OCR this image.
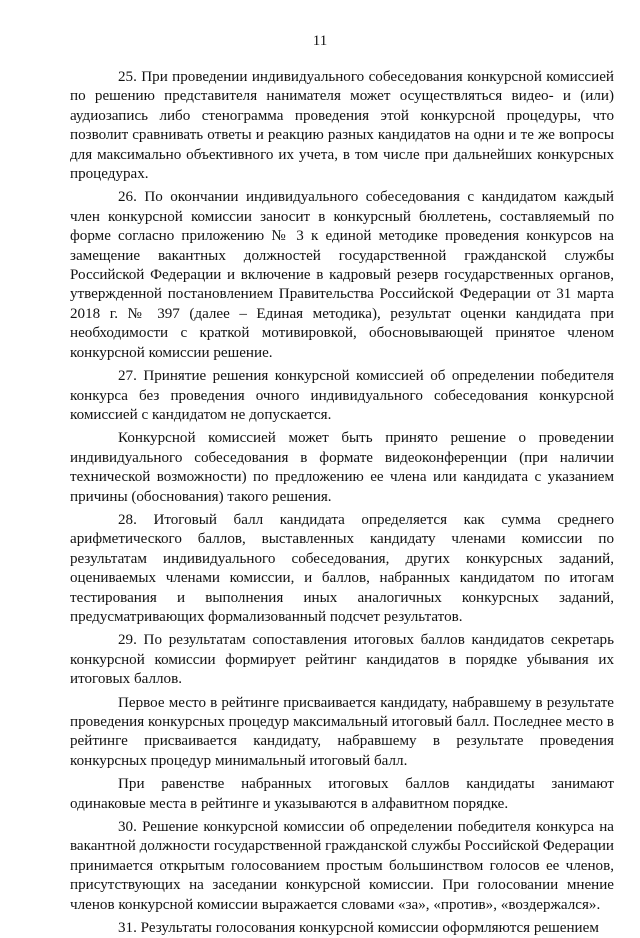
11

25. При проведении индивидуального собеседования конкурсной комиссией по решению представителя нанимателя может осуществляться видео- и (или) аудиозапись либо стенограмма проведения этой конкурсной процедуры, что позволит сравнивать ответы и реакцию разных кандидатов на одни и те же вопросы для максимально объективного их учета, в том числе при дальнейших конкурсных процедурах.

26. По окончании индивидуального собеседования с кандидатом каждый член конкурсной комиссии заносит в конкурсный бюллетень, составляемый по форме согласно приложению № 3 к единой методике проведения конкурсов на замещение вакантных должностей государственной гражданской службы Российской Федерации и включение в кадровый резерв государственных органов, утвержденной постановлением Правительства Российской Федерации от 31 марта 2018 г. № 397 (далее – Единая методика), результат оценки кандидата при необходимости с краткой мотивировкой, обосновывающей принятое членом конкурсной комиссии решение.

27. Принятие решения конкурсной комиссией об определении победителя конкурса без проведения очного индивидуального собеседования конкурсной комиссией с кандидатом не допускается.

Конкурсной комиссией может быть принято решение о проведении индивидуального собеседования в формате видеоконференции (при наличии технической возможности) по предложению ее члена или кандидата с указанием причины (обоснования) такого решения.

28. Итоговый балл кандидата определяется как сумма среднего арифметического баллов, выставленных кандидату членами комиссии по результатам индивидуального собеседования, других конкурсных заданий, оцениваемых членами комиссии, и баллов, набранных кандидатом по итогам тестирования и выполнения иных аналогичных конкурсных заданий, предусматривающих формализованный подсчет результатов.

29. По результатам сопоставления итоговых баллов кандидатов секретарь конкурсной комиссии формирует рейтинг кандидатов в порядке убывания их итоговых баллов.

Первое место в рейтинге присваивается кандидату, набравшему в результате проведения конкурсных процедур максимальный итоговый балл. Последнее место в рейтинге присваивается кандидату, набравшему в результате проведения конкурсных процедур минимальный итоговый балл.

При равенстве набранных итоговых баллов кандидаты занимают одинаковые места в рейтинге и указываются в алфавитном порядке.

30. Решение конкурсной комиссии об определении победителя конкурса на вакантной должности государственной гражданской службы Российской Федерации принимается открытым голосованием простым большинством голосов ее членов, присутствующих на заседании конкурсной комиссии. При голосовании мнение членов конкурсной комиссии выражается словами «за», «против», «воздержался».

31. Результаты голосования конкурсной комиссии оформляются решением
